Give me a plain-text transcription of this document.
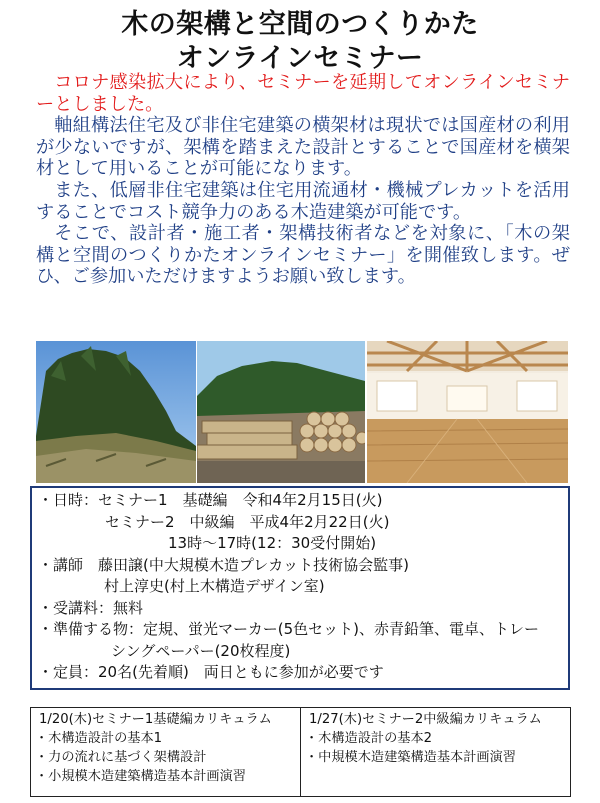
木の架構と空間のつくりかた
オンラインセミナー

コロナ感染拡大により、セミナーを延期してオンラインセミナーとしました。

軸組構法住宅及び非住宅建築の横架材は現状では国産材の利用が少ないですが、架構を踏まえた設計とすることで国産材を横架材として用いることが可能になります。

また、低層非住宅建築は住宅用流通材・機械プレカットを活用することでコスト競争力のある木造建築が可能です。

そこで、設計者・施工者・架構技術者などを対象に、「木の架構と空間のつくりかたオンラインセミナー」を開催致します。ぜひ、ご参加いただけますようお願い致します。

・日時：セミナー1　基礎編　令和4年2月15日(火)
セミナー2　中級編　平成4年2月22日(火)
13時～17時(12：30受付開始)
・講師　藤田譲(中大規模木造プレカット技術協会監事)
村上淳史(村上木構造デザイン室)
・受講料：無料
・準備する物：定規、蛍光マーカー(5色セット)、赤青鉛筆、電卓、トレー
シングペーパー(20枚程度)
・定員：20名(先着順)　両日ともに参加が必要です
1/20(木)セミナー1基礎編カリキュラム
・木構造設計の基本1
・力の流れに基づく架構設計
・小規模木造建築構造基本計画演習
1/27(木)セミナー2中級編カリキュラム
・木構造設計の基本2
・中規模木造建築構造基本計画演習
